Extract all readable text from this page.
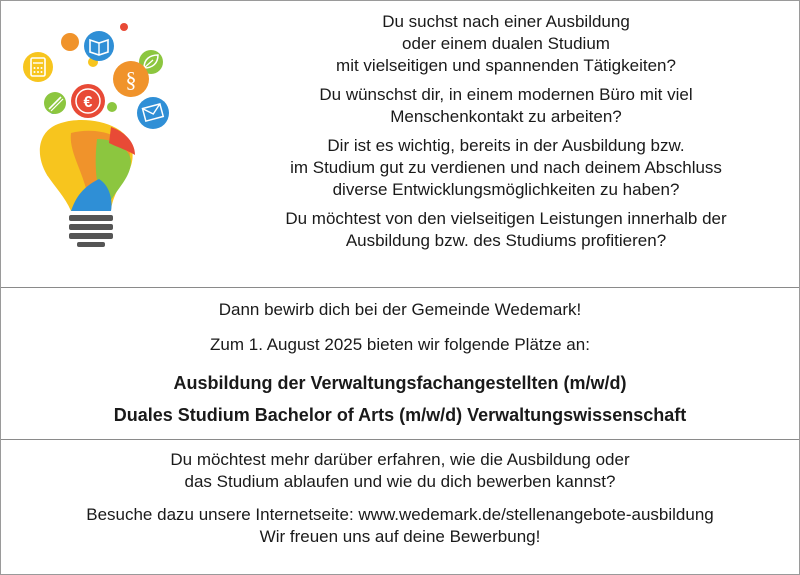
§
€

Du suchst nach einer Ausbildung
oder einem dualen Studium
mit vielseitigen und spannenden Tätigkeiten?

Du wünschst dir, in einem modernen Büro mit viel
Menschenkontakt zu arbeiten?

Dir ist es wichtig, bereits in der Ausbildung bzw.
im Studium gut zu verdienen und nach deinem Abschluss
diverse Entwicklungsmöglichkeiten zu haben?

Du möchtest von den vielseitigen Leistungen innerhalb der
Ausbildung bzw. des Studiums profitieren?

Dann bewirb dich bei der Gemeinde Wedemark!

Zum 1. August 2025 bieten wir folgende Plätze an:

Ausbildung der Verwaltungsfachangestellten (m/w/d)

Duales Studium Bachelor of Arts (m/w/d) Verwaltungswissenschaft

Du möchtest mehr darüber erfahren, wie die Ausbildung oder
das Studium ablaufen und wie du dich bewerben kannst?

Besuche dazu unsere Internetseite: www.wedemark.de/stellenangebote-ausbildung
Wir freuen uns auf deine Bewerbung!
